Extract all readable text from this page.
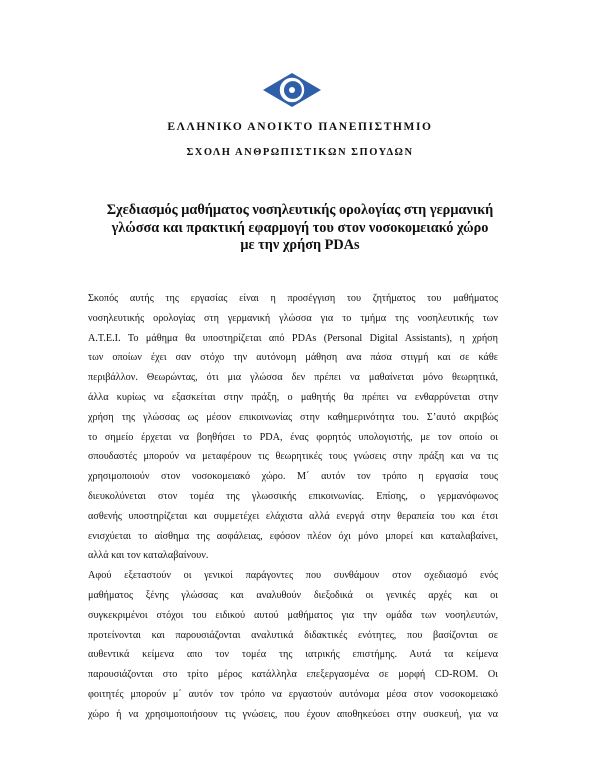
ΕΛΛΗΝΙΚΟ ΑΝΟΙΚΤΟ ΠΑΝΕΠΙΣΤΗΜΙΟ
ΣΧΟΛΗ ΑΝΘΡΩΠΙΣΤΙΚΩΝ ΣΠΟΥΔΩΝ
Σχεδιασμός μαθήματος νοσηλευτικής ορολογίας στη γερμανική
γλώσσα και πρακτική εφαρμογή του στον νοσοκομειακό χώρο
με την χρήση PDAs
Σκοπός αυτής της εργασίας είναι η προσέγγιση του ζητήματος του μαθήματος
νοσηλευτικής ορολογίας στη γερμανική γλώσσα για το τμήμα της νοσηλευτικής των
Α.Τ.Ε.Ι. Το μάθημα θα υποστηρίζεται από PDAs (Personal Digital Assistants), η χρήση
των οποίων έχει σαν στόχο την αυτόνομη μάθηση ανα πάσα στιγμή και σε κάθε
περιβάλλον. Θεωρώντας, ότι μια γλώσσα δεν πρέπει να μαθαίνεται μόνο θεωρητικά,
άλλα κυρίως να εξασκείται στην πράξη, ο μαθητής θα πρέπει να ενθαρρύνεται στην
χρήση της γλώσσας ως μέσον επικοινωνίας στην καθημερινότητα του. Σ’αυτό ακριβώς
το σημείο έρχεται να βοηθήσει το PDA, ένας φορητός υπολογιστής, με τον οποίο οι
σπουδαστές μπορούν να μεταφέρουν τις θεωρητικές τους γνώσεις στην πράξη και να τις
χρησιμοποιούν στον νοσοκομειακό χώρο. Μ΄ αυτόν τον τρόπο η εργασία τους
διευκολύνεται στον τομέα της γλωσσικής επικοινωνίας. Επίσης, ο γερμανόφωνος
ασθενής υποστηρίζεται και συμμετέχει ελάχιστα αλλά ενεργά στην θεραπεία του και έτσι
ενισχύεται το αίσθημα της ασφάλειας, εφόσον πλέον όχι μόνο μπορεί και καταλαβαίνει,
αλλά και τον καταλαβαίνουν.
Αφού εξεταστούν οι γενικοί παράγοντες που συνθάμουν στον σχεδιασμό ενός
μαθήματος ξένης γλώσσας και αναλυθούν διεξοδικά οι γενικές αρχές και οι
συγκεκριμένοι στόχοι του ειδικού αυτού μαθήματος για την ομάδα των νοσηλευτών,
προτείνονται και παρουσιάζονται αναλυτικά διδακτικές ενότητες, που βασίζονται σε
αυθεντικά κείμενα απο τον τομέα της ιατρικής επιστήμης. Αυτά τα κείμενα
παρουσιάζονται στο τρίτο μέρος κατάλληλα επεξεργασμένα σε μορφή CD-ROM. Οι
φοιτητές μπορούν μ΄ αυτόν τον τρόπο να εργαστούν αυτόνομα μέσα στον νοσοκομειακό
χώρο ή να χρησιμοποιήσουν τις γνώσεις, που έχουν αποθηκεύσει στην συσκευή, για να
